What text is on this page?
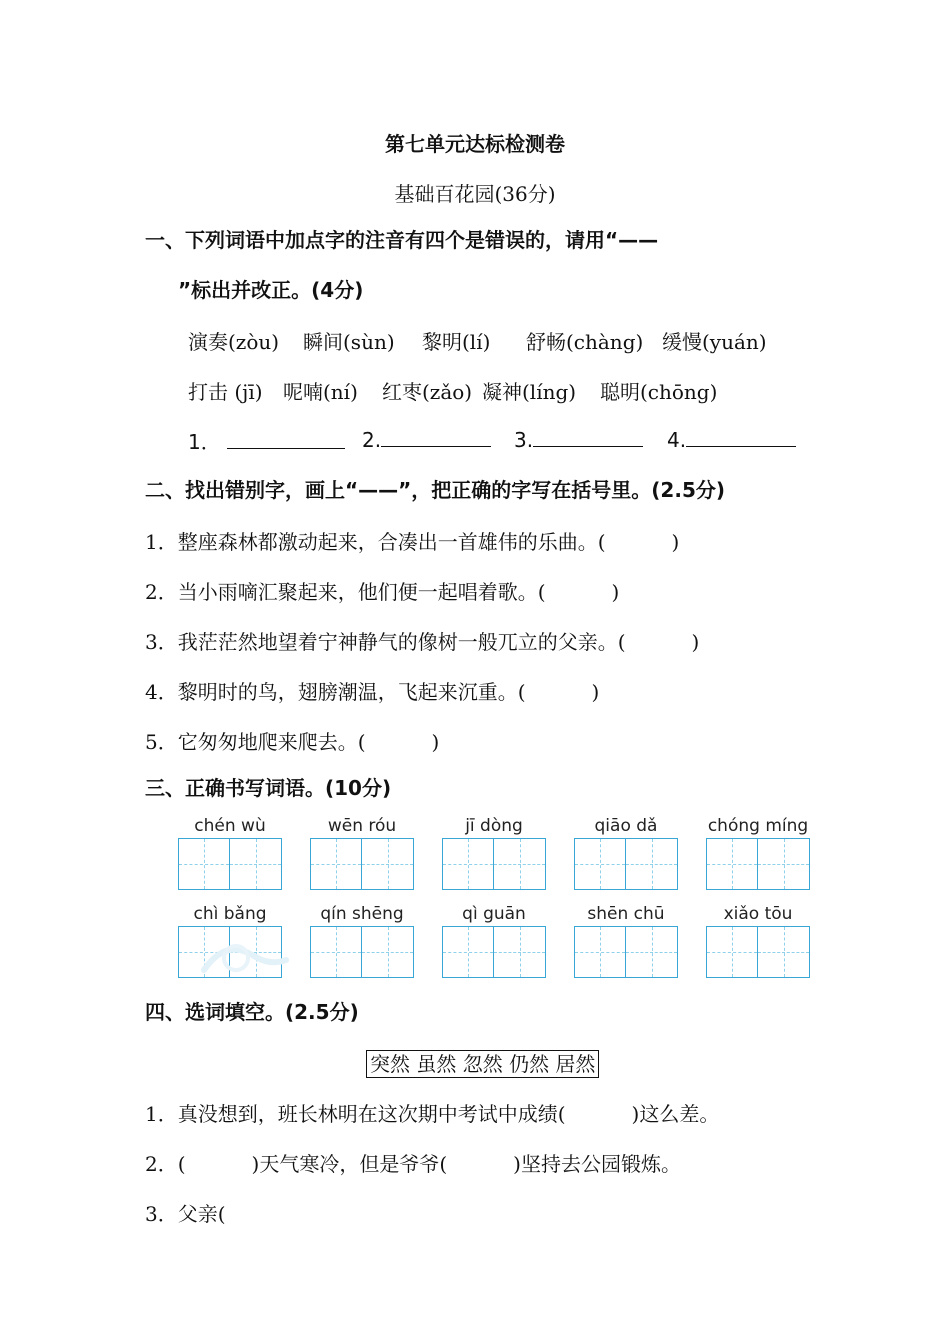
第七单元达标检测卷
基础百花园(36分)
一、下列词语中加点字的注音有四个是错误的，请用“——
”标出并改正。(4分)
演奏(zòu) 瞬间(sùn) 黎明(lí) 舒畅(chàng) 缓慢(yuán)
打击 (jī) 呢喃(ní) 红枣(zǎo) 凝神(líng) 聪明(chōng)
1．	2.	3.	4.
二、找出错别字，画上“——”，把正确的字写在括号里。(2.5分)
1．整座森林都激动起来，合凑出一首雄伟的乐曲。(	)
2．当小雨嘀汇聚起来，他们便一起唱着歌。(	)
3．我茫茫然地望着宁神静气的像树一般兀立的父亲。(	)
4．黎明时的鸟，翅膀潮温，飞起来沉重。(	)
5．它匆匆地爬来爬去。(	)
三、正确书写词语。(10分)
chén wù	wēn róu	jī dòng	qiāo dǎ	chóng míng
chì bǎng	qín shēng	qì guān	shēn chū	xiǎo tōu
四、选词填空。(2.5分)
突然 虽然 忽然 仍然 居然
1．真没想到，班长林明在这次期中考试中成绩(	)这么差。
2．(	)天气寒冷，但是爷爷(	)坚持去公园锻炼。
3．父亲(
